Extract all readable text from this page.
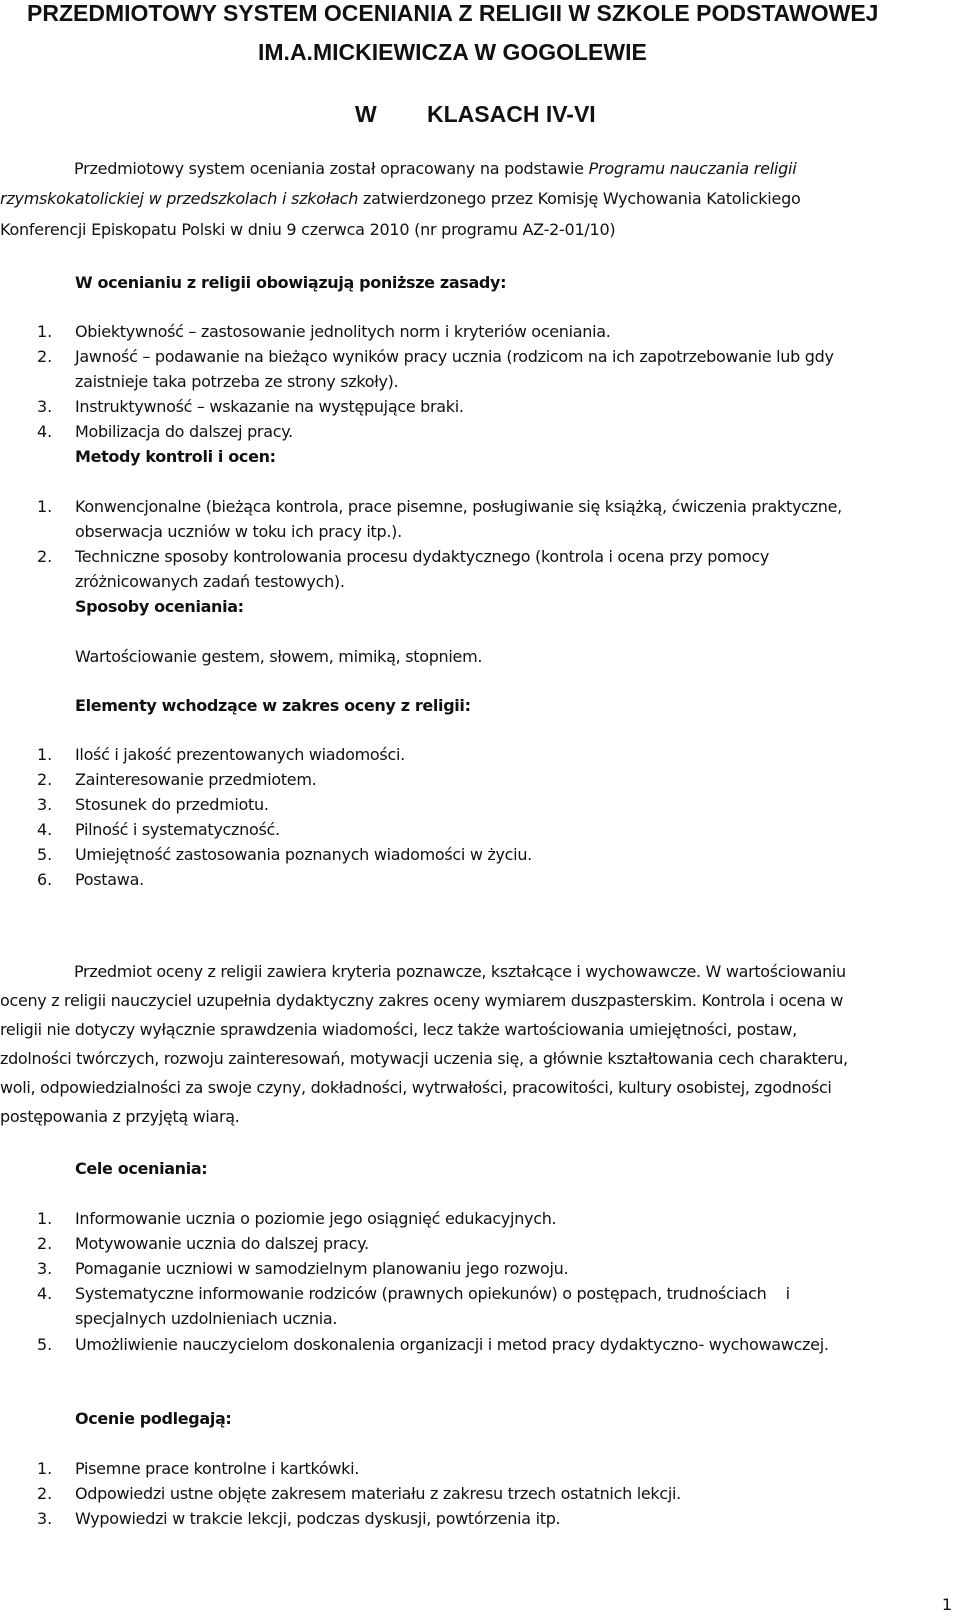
PRZEDMIOTOWY SYSTEM OCENIANIA Z RELIGII W SZKOLE PODSTAWOWEJ
IM.A.MICKIEWICZA W GOGOLEWIE
W KLASACH IV-VI
Przedmiotowy system oceniania został opracowany na podstawie Programu nauczania religii
rzymskokatolickiej w przedszkolach i szkołach zatwierdzonego przez Komisję Wychowania Katolickiego
Konferencji Episkopatu Polski w dniu 9 czerwca 2010 (nr programu AZ-2-01/10)
W ocenianiu z religii obowiązują poniższe zasady:
1. Obiektywność – zastosowanie jednolitych norm i kryteriów oceniania.
2. Jawność – podawanie na bieżąco wyników pracy ucznia (rodzicom na ich zapotrzebowanie lub gdy
zaistnieje taka potrzeba ze strony szkoły).
3. Instruktywność – wskazanie na występujące braki.
4. Mobilizacja do dalszej pracy.
Metody kontroli i ocen:
1. Konwencjonalne (bieżąca kontrola, prace pisemne, posługiwanie się książką, ćwiczenia praktyczne,
obserwacja uczniów w toku ich pracy itp.).
2. Techniczne sposoby kontrolowania procesu dydaktycznego (kontrola i ocena przy pomocy
zróżnicowanych zadań testowych).
Sposoby oceniania:
Wartościowanie gestem, słowem, mimiką, stopniem.
Elementy wchodzące w zakres oceny z religii:
1. Ilość i jakość prezentowanych wiadomości.
2. Zainteresowanie przedmiotem.
3. Stosunek do przedmiotu.
4. Pilność i systematyczność.
5. Umiejętność zastosowania poznanych wiadomości w życiu.
6. Postawa.
Przedmiot oceny z religii zawiera kryteria poznawcze, kształcące i wychowawcze. W wartościowaniu
oceny z religii nauczyciel uzupełnia dydaktyczny zakres oceny wymiarem duszpasterskim. Kontrola i ocena w
religii nie dotyczy wyłącznie sprawdzenia wiadomości, lecz także wartościowania umiejętności, postaw,
zdolności twórczych, rozwoju zainteresowań, motywacji uczenia się, a głównie kształtowania cech charakteru,
woli, odpowiedzialności za swoje czyny, dokładności, wytrwałości, pracowitości, kultury osobistej, zgodności
postępowania z przyjętą wiarą.
Cele oceniania:
1. Informowanie ucznia o poziomie jego osiągnięć edukacyjnych.
2. Motywowanie ucznia do dalszej pracy.
3. Pomaganie uczniowi w samodzielnym planowaniu jego rozwoju.
4. Systematyczne informowanie rodziców (prawnych opiekunów) o postępach, trudnościach    i
specjalnych uzdolnieniach ucznia.
5. Umożliwienie nauczycielom doskonalenia organizacji i metod pracy dydaktyczno- wychowawczej.
Ocenie podlegają:
1. Pisemne prace kontrolne i kartkówki.
2. Odpowiedzi ustne objęte zakresem materiału z zakresu trzech ostatnich lekcji.
3. Wypowiedzi w trakcie lekcji, podczas dyskusji, powtórzenia itp.
1
